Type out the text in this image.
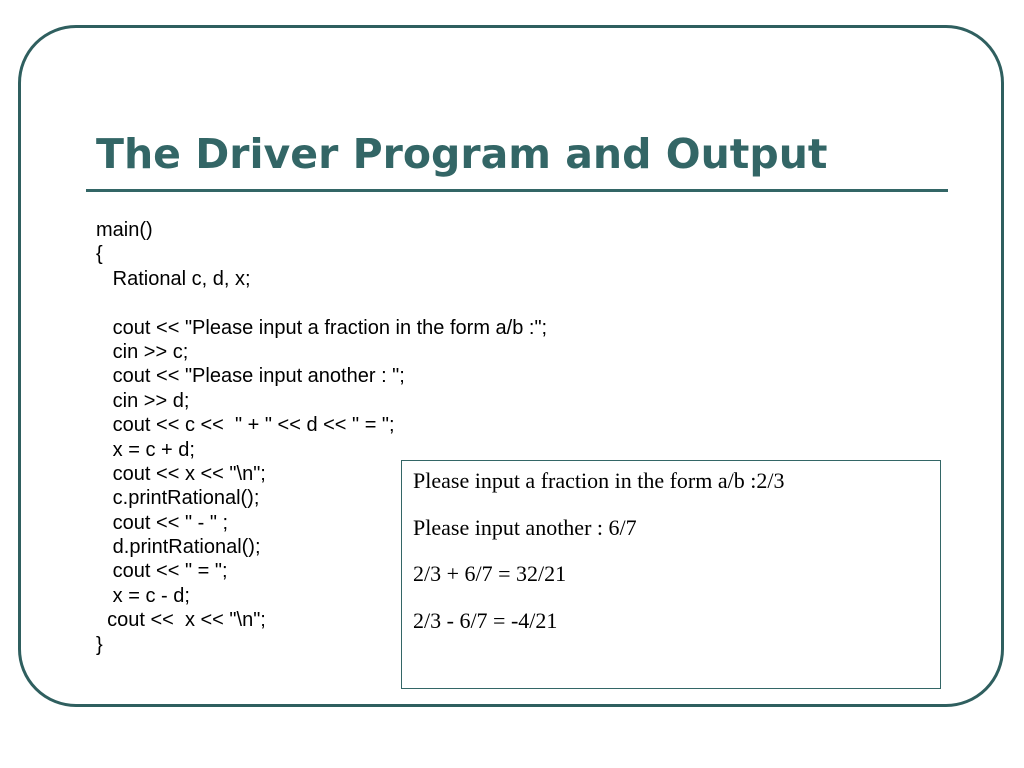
The Driver Program and Output
main()
{
Rational c, d, x;
cout << "Please input a fraction in the form a/b :";
cin >> c;
cout << "Please input another : ";
cin >> d;
cout << c <<  " + " << d << " = ";
x = c + d;
cout << x << "\n";
c.printRational();
cout << " - " ;
d.printRational();
cout << " = ";
x = c - d;
cout <<  x << "\n";
}
Please input a fraction in the form a/b :2/3
Please input another : 6/7
2/3 + 6/7 = 32/21
2/3 - 6/7 = -4/21
